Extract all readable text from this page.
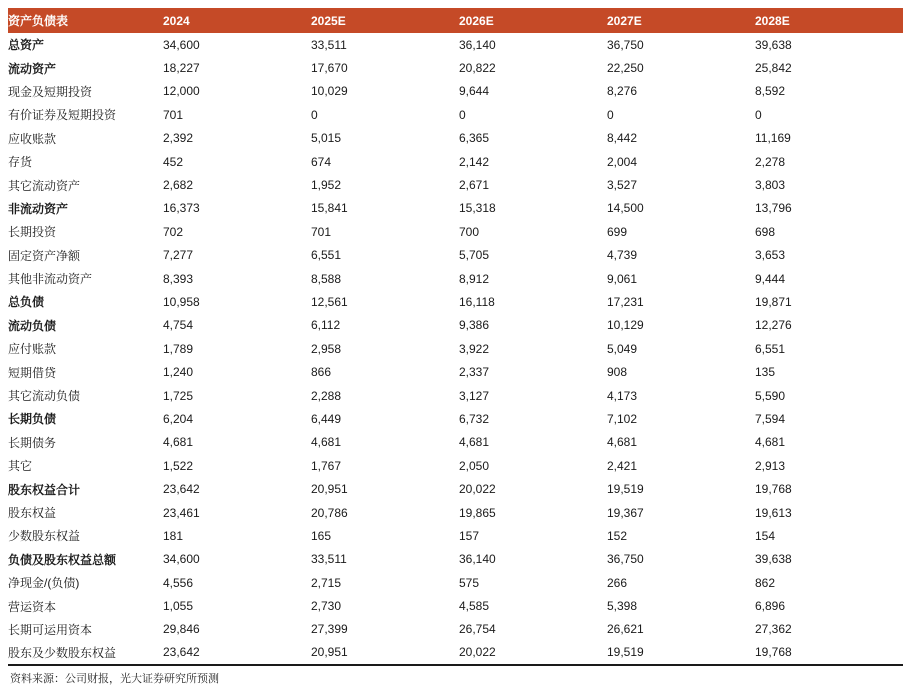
资产负债表	2024	2025E	2026E	2027E	2028E
总资产	34,600	33,511	36,140	36,750	39,638
流动资产	18,227	17,670	20,822	22,250	25,842
现金及短期投资	12,000	10,029	9,644	8,276	8,592
有价证券及短期投资	701	0	0	0	0
应收账款	2,392	5,015	6,365	8,442	11,169
存货	452	674	2,142	2,004	2,278
其它流动资产	2,682	1,952	2,671	3,527	3,803
非流动资产	16,373	15,841	15,318	14,500	13,796
长期投资	702	701	700	699	698
固定资产净额	7,277	6,551	5,705	4,739	3,653
其他非流动资产	8,393	8,588	8,912	9,061	9,444
总负债	10,958	12,561	16,118	17,231	19,871
流动负债	4,754	6,112	9,386	10,129	12,276
应付账款	1,789	2,958	3,922	5,049	6,551
短期借贷	1,240	866	2,337	908	135
其它流动负债	1,725	2,288	3,127	4,173	5,590
长期负债	6,204	6,449	6,732	7,102	7,594
长期债务	4,681	4,681	4,681	4,681	4,681
其它	1,522	1,767	2,050	2,421	2,913
股东权益合计	23,642	20,951	20,022	19,519	19,768
股东权益	23,461	20,786	19,865	19,367	19,613
少数股东权益	181	165	157	152	154
负债及股东权益总额	34,600	33,511	36,140	36,750	39,638
净现金/(负债)	4,556	2,715	575	266	862
营运资本	1,055	2,730	4,585	5,398	6,896
长期可运用资本	29,846	27,399	26,754	26,621	27,362
股东及少数股东权益	23,642	20,951	20,022	19,519	19,768
资料来源：公司财报，光大证券研究所预测
